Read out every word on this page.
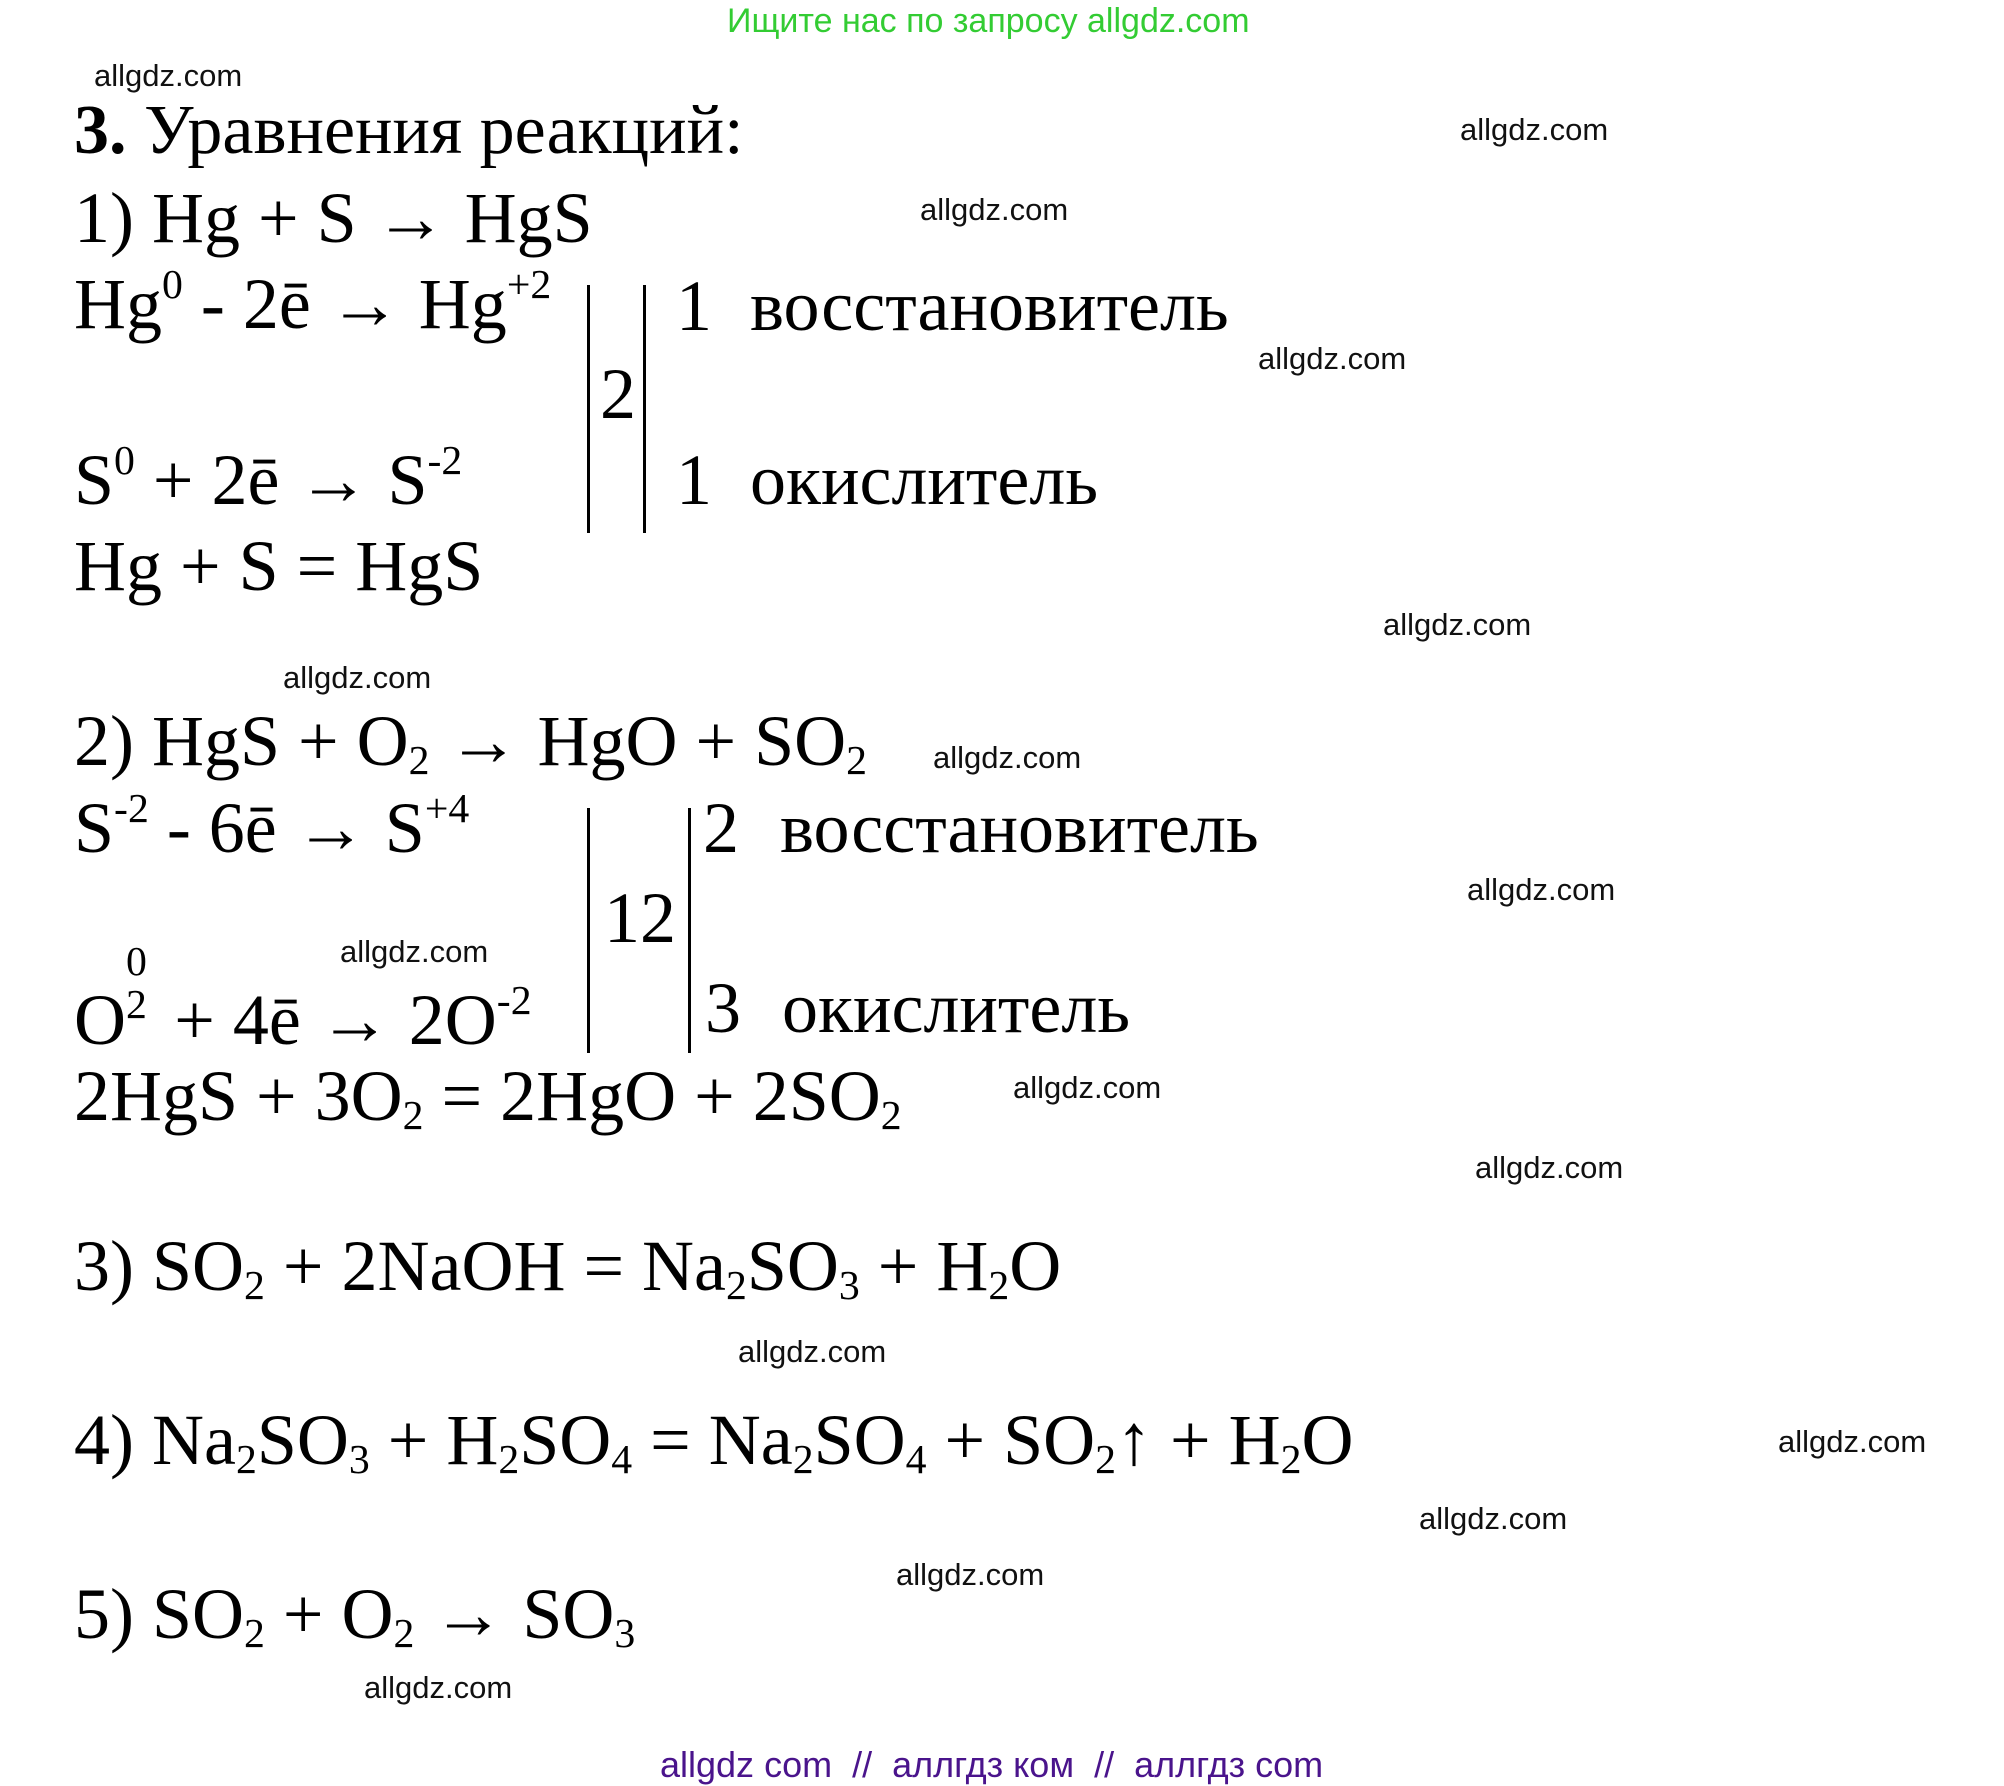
Ищите нас по запросу allgdz.com
allgdz.com
allgdz.com
allgdz.com
allgdz.com
allgdz.com
allgdz.com
allgdz.com
allgdz.com
allgdz.com
allgdz.com
allgdz.com
allgdz.com
allgdz.com
allgdz.com
allgdz.com
allgdz.com
3. Уравнения реакций:
1) Hg + S → HgS
Hg$^0$ - 2ē → $Hg^{+2}$
$S^0$ + 2ē → $S^{-2}$
2
1 восстановитель
1 окислитель
Hg + S = HgS
2) HgS + $O_2$ → HgO + $SO_2$
$S^{-2}$ - 6ē → $S^{+4}$
O
0
2 + 4ē → $2O^{-2}$
12
2 восстановитель
3 окислитель
$2HgS + 3O_2 = 2HgO + 2SO_2$
3) $SO_2$ + 2NaOH = $Na_2SO_3 + H_2O$
4) $Na_2SO_3 + H_2SO_4 = Na_2SO_4$ + $SO_2↑ + H_2O$
5) $SO_2 + O_2 \to SO_3$
allgdz com  //  аллгдз ком  //  аллгдз com
